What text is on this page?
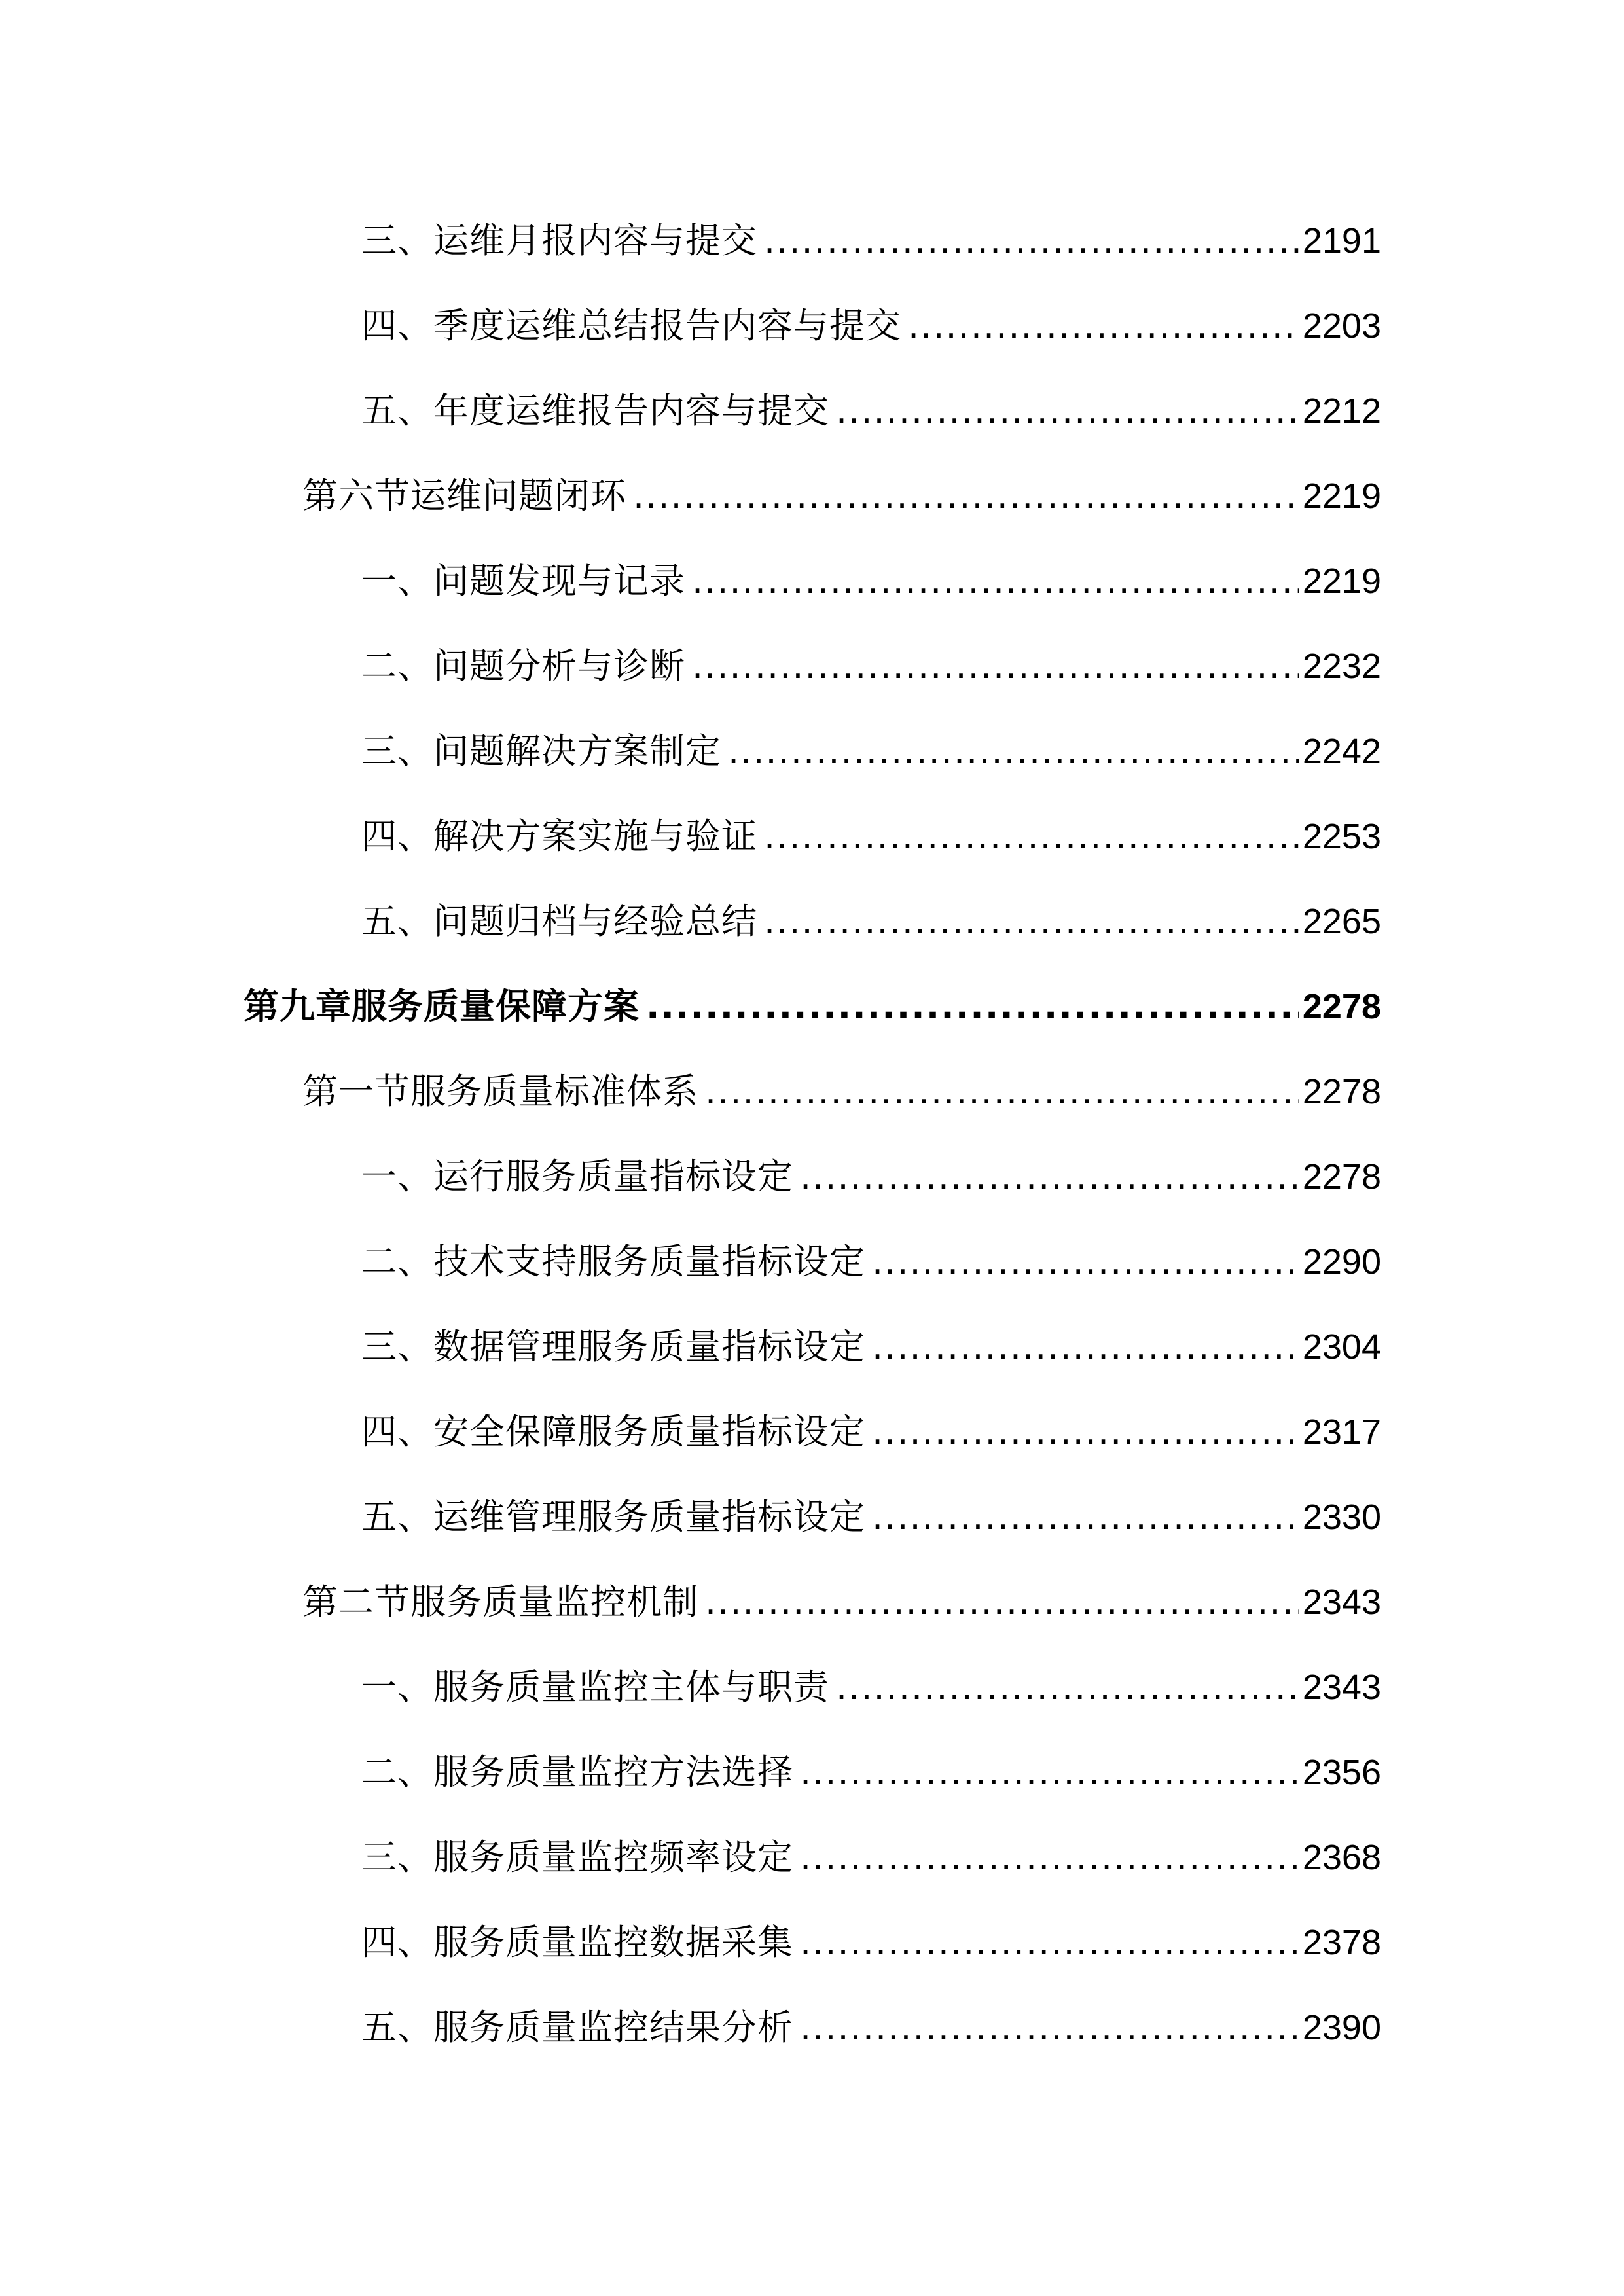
三、运维月报内容与提交 .....	2191
四、季度运维总结报告内容与提交 .....	2203
五、年度运维报告内容与提交 .....	2212
第六节运维问题闭环 .....	2219
一、问题发现与记录 .....	2219
二、问题分析与诊断 .....	2232
三、问题解决方案制定 .....	2242
四、解决方案实施与验证 .....	2253
五、问题归档与经验总结 .....	2265
第九章服务质量保障方案 .....	2278
第一节服务质量标准体系 .....	2278
一、运行服务质量指标设定 .....	2278
二、技术支持服务质量指标设定 .....	2290
三、数据管理服务质量指标设定 .....	2304
四、安全保障服务质量指标设定 .....	2317
五、运维管理服务质量指标设定 .....	2330
第二节服务质量监控机制 .....	2343
一、服务质量监控主体与职责 .....	2343
二、服务质量监控方法选择 .....	2356
三、服务质量监控频率设定 .....	2368
四、服务质量监控数据采集 .....	2378
五、服务质量监控结果分析 .....	2390
